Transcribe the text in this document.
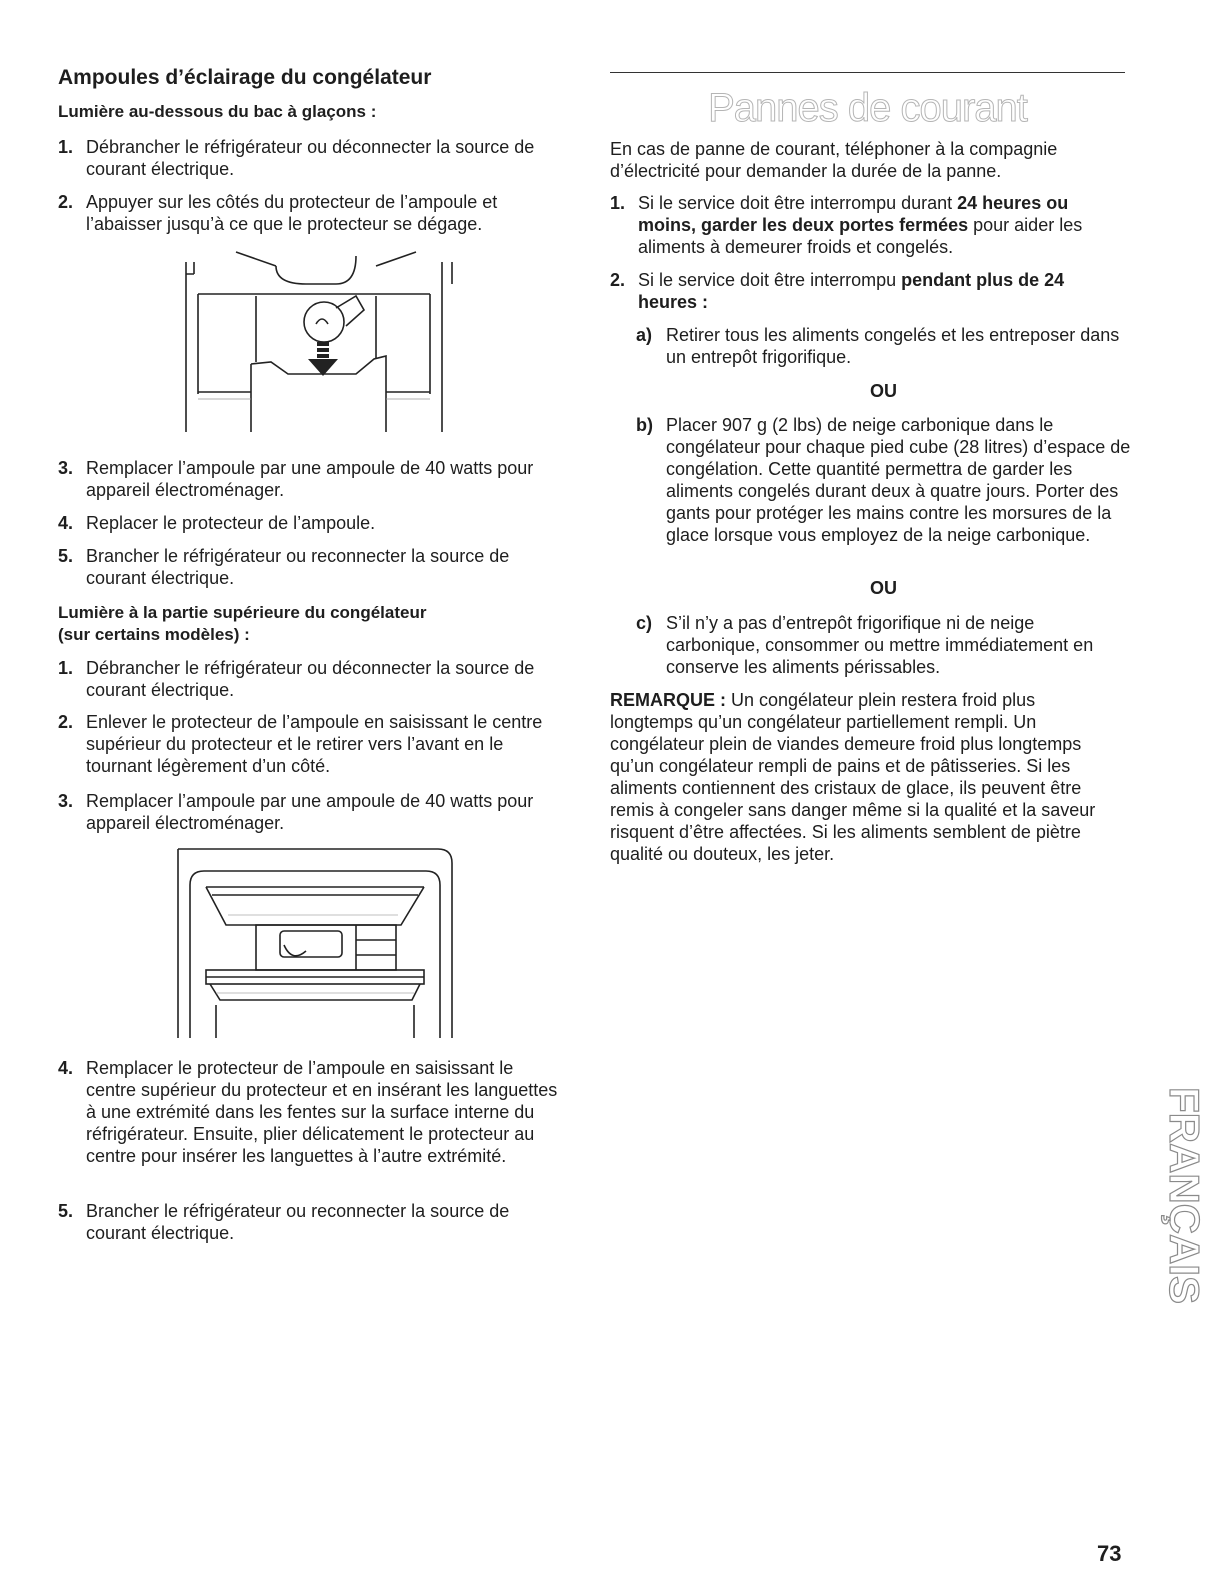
Ampoules d’éclairage du congélateur
Lumière au-dessous du bac à glaçons :
1. Débrancher le réfrigérateur ou déconnecter la source de courant électrique.
2. Appuyer sur les côtés du protecteur de l’ampoule et l’abaisser jusqu’à ce que le protecteur se dégage.
3. Remplacer l’ampoule par une ampoule de 40 watts pour appareil électroménager.
4. Replacer le protecteur de l’ampoule.
5. Brancher le réfrigérateur ou reconnecter la source de courant électrique.
Lumière à la partie supérieure du congélateur
(sur certains modèles) :
1. Débrancher le réfrigérateur ou déconnecter la source de courant électrique.
2. Enlever le protecteur de l’ampoule en saisissant le centre supérieur du protecteur et le retirer vers l’avant en le tournant légèrement d’un côté.
3. Remplacer l’ampoule par une ampoule de 40 watts pour appareil électroménager.
4. Remplacer le protecteur de l’ampoule en saisissant le centre supérieur du protecteur et en insérant les languettes à une extrémité dans les fentes sur la surface interne du réfrigérateur. Ensuite, plier délicatement le protecteur au centre pour insérer les languettes à l’autre extrémité.
5. Brancher le réfrigérateur ou reconnecter la source de courant électrique.
Pannes de courant
En cas de panne de courant, téléphoner à la compagnie d’électricité pour demander la durée de la panne.
1. Si le service doit être interrompu durant 24 heures ou moins, garder les deux portes fermées pour aider les aliments à demeurer froids et congelés.
2. Si le service doit être interrompu pendant plus de 24 heures :
a) Retirer tous les aliments congelés et les entreposer dans un entrepôt frigorifique.
OU
b) Placer 907 g (2 lbs) de neige carbonique dans le congélateur pour chaque pied cube (28 litres) d’espace de congélation. Cette quantité permettra de garder les aliments congelés durant deux à quatre jours. Porter des gants pour protéger les mains contre les morsures de la glace lorsque vous employez de la neige carbonique.
OU
c) S’il n’y a pas d’entrepôt frigorifique ni de neige carbonique, consommer ou mettre immédiatement en conserve les aliments périssables.
REMARQUE : Un congélateur plein restera froid plus longtemps qu’un congélateur partiellement rempli. Un congélateur plein de viandes demeure froid plus longtemps qu’un congélateur rempli de pains et de pâtisseries. Si les aliments contiennent des cristaux de glace, ils peuvent être remis à congeler sans danger même si la qualité et la saveur risquent d’être affectées. Si les aliments semblent de piètre qualité ou douteux, les jeter.
FRANÇAIS
73
